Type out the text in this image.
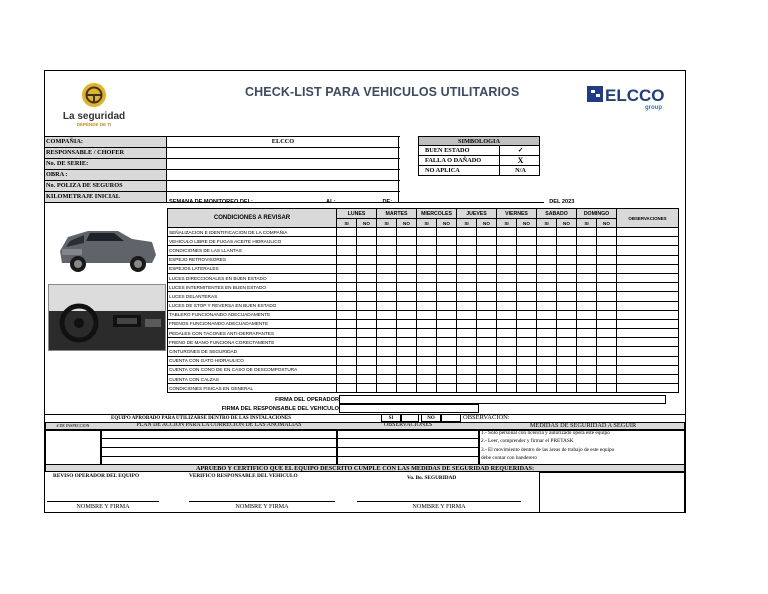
La seguridad
DEPENDE DE TI
CHECK-LIST PARA VEHICULOS UTILITARIOS	ELCCO
group
COMPAÑIA:	ELCCO
RESPONSABLE / CHOFER
No. DE SERIE:
OBRA :
No. POLIZA DE SEGUROS
KILOMETRAJE INICIAL
SIMBOLOGIA
BUEN ESTADO	✓
FALLA O DAÑADO	X
NO APLICA	N/A
SEMANA DE MONITOREO DEL:	AL:	DE:	DEL 2023
CONDICIONES A REVISAR	LUNES		MARTES		MIERCOLES		JUEVES		VIERNES		SABADO		DOMINGO		OBSERVACIONES
	SI	NO	SI	NO	SI	NO	SI	NO	SI	NO	SI	NO	SI	NO	
SEÑALIZACION E IDENTIFICACION DE LA COMPAÑIA															
VEHICULO LIBRE DE FUGAS ACEITE HIDRAULICO															
CONDICIONES DE LAS LLANTAS															
ESPEJO RETROVISORES															
ESPEJOS LATERALES															
LUCES DIRECCIONALES EN BUEN ESTADO															
LUCES INTERMITENTES EN BUEN ESTADO															
LUCES DELANTERAS															
LUCES DE STOP Y REVERSA EN BUEN ESTADO															
TABLERO FUNCIONANDO ADECUADAMENTE															
FRENOS FUNCIONANDO ADECUADAMENTE															
PEDALES CON TACONES ANTI-DERRAPANTES															
FRENO DE MANO FUNCIONA CORECTAMENTE															
CINTURONES DE SEGURIDAD															
CUENTA CON GATO HIDRAULICO															
CUENTA CON CONO DE EN CASO DE DESCOMPOSTURA															
CUENTA CON CALZAS															
CONDICIONES FISICAS EN GENERAL															
FIRMA DEL OPERADOR
FIRMA DEL RESPONSABLE DEL VEHICULO
EQUIPO APROBADO PARA UTILIZARSE DENTRO DE LAS INSTALACIONES	SI	NO	OBSERVACION:
# DE INSPECCION	PLAN DE ACCION PARA LA CORRECION DE LAS ANOMALIAS	OBSERVACIONES	MEDIDAS DE SEGURIDAD A SEGUIR
1.- Solo personal con licencia y autorizado opera este equipo
2.- Leer, comprender y firmar el PRETASK
3.- El movimiento dentro de las áreas de trabajo de este equipo
debe contar con banderero
APRUEBO Y CERTIFICO QUE EL EQUIPO DESCRITO CUMPLE CON LAS MEDIDAS DE SEGURIDAD REQUERIDAS:
REVISO OPERADOR DEL EQUIPO	VERIFICO RESPONSABLE DEL VEHICULO	Vo. Bo. SEGURIDAD
NOMBRE Y FIRMA	NOMBRE Y FIRMA	NOMBRE Y FIRMA
